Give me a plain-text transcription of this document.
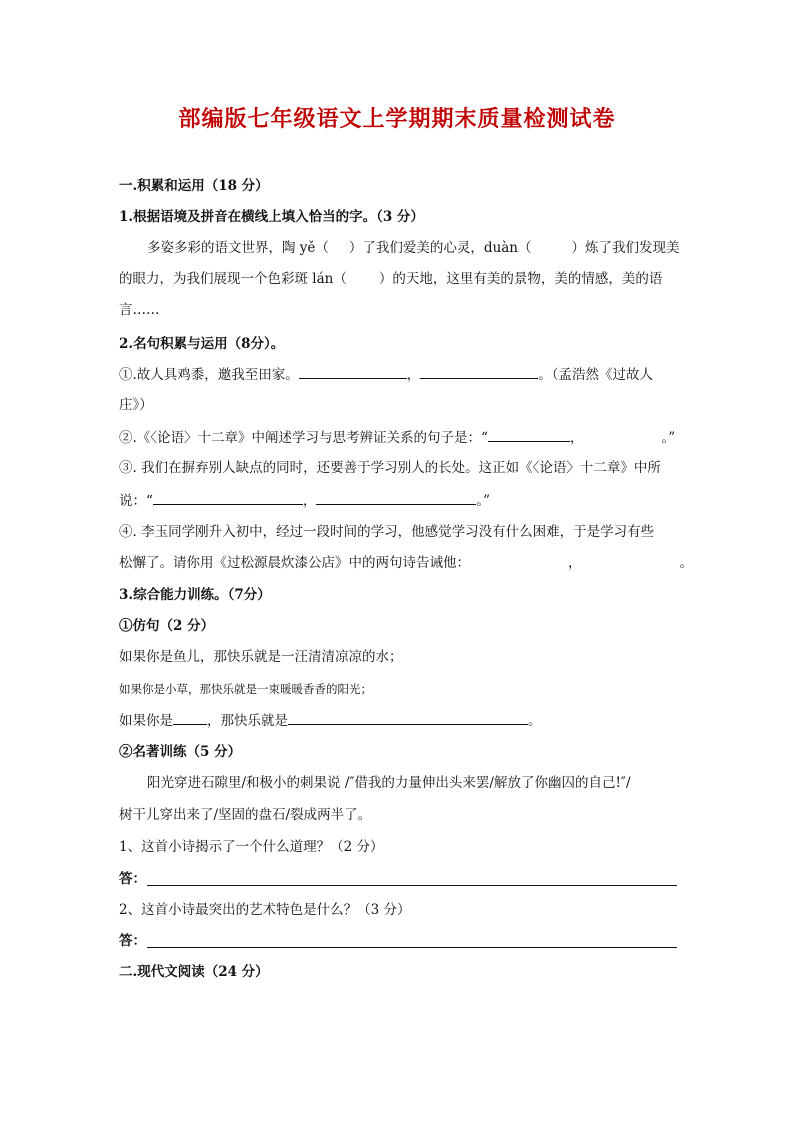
部编版七年级语文上学期期末质量检测试卷
一.积累和运用（18 分）
1.根据语境及拼音在横线上填入恰当的字。（3 分）
多姿多彩的语文世界，陶 yě（ ）了我们爱美的心灵，duàn（	）炼了我们发现美
的眼力，为我们展现一个色彩斑 lán（ ）的天地，这里有美的景物，美的情感，美的语
言……
2.名句积累与运用（8分）。
①.故人具鸡黍，邀我至田家。	，	。（孟浩然《过故人
庄》）
②.《〈论语〉十二章》中阐述学习与思考辨证关系的句子是：“	，	。”
③. 我们在摒弃别人缺点的同时，还要善于学习别人的长处。这正如《〈论语〉十二章》中所
说：“	，	。”
④. 李玉同学刚升入初中，经过一段时间的学习，他感觉学习没有什么困难，于是学习有些
松懈了。请你用《过松源晨炊漆公店》中的两句诗告诫他：	，	。
3.综合能力训练。（7分）
①仿句（2 分）
如果你是鱼儿，那快乐就是一汪清清凉凉的水；
如果你是小草，那快乐就是一束暖暖香香的阳光；
如果你是	，那快乐就是	。
②名著训练（5 分）
阳光穿进石隙里/和极小的刺果说 /″借我的力量伸出头来罢/解放了你幽囚的自己!″/
树干儿穿出来了/坚固的盘石/裂成两半了。
1、这首小诗揭示了一个什么道理？（2 分）
答：
2、这首小诗最突出的艺术特色是什么？（3 分）
答：
二.现代文阅读（24 分）
